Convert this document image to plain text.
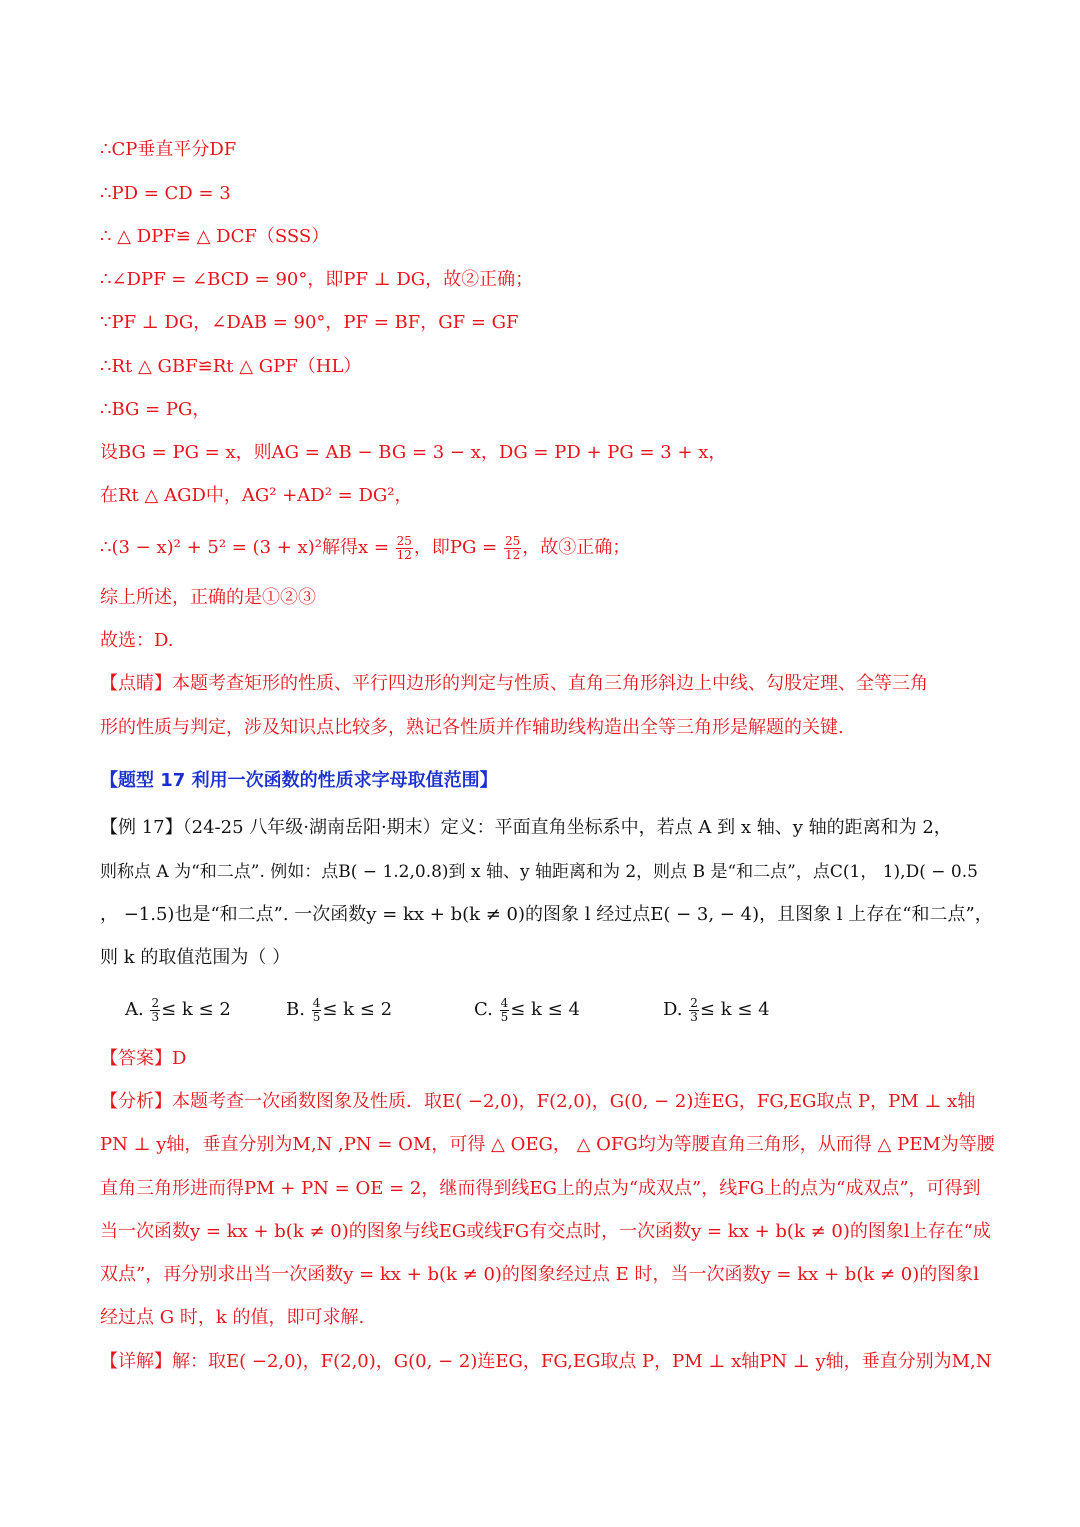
∴CP垂直平分DF
∴PD = CD = 3
∴ △ DPF≌ △ DCF（SSS）
∴∠DPF = ∠BCD = 90°，即PF ⊥ DG，故②正确；
∵PF ⊥ DG，∠DAB = 90°，PF = BF，GF = GF
∴Rt △ GBF≌Rt △ GPF（HL）
∴BG = PG，
设BG = PG = x，则AG = AB − BG = 3 − x，DG = PD + PG = 3 + x，
在Rt △ AGD中，AG² +AD² = DG²，
∴(3 − x)² + 5² = (3 + x)²解得$x = \frac{25}{12}$ ，即PG = $\frac{25}{12}$ ，故③正确；
综上所述，正确的是①②③
故选：D.
【点睛】本题考查矩形的性质、平行四边形的判定与性质、直角三角形斜边上中线、勾股定理、全等三角
形的性质与判定，涉及知识点比较多，熟记各性质并作辅助线构造出全等三角形是解题的关键.
【题型 17 利用一次函数的性质求字母取值范围】
【例 17】（24-25 八年级·湖南岳阳·期末）定义：平面直角坐标系中，若点 A 到 x 轴、y 轴的距离和为 2，
则称点 A 为“和二点”. 例如：点B( − 1.2,0.8)到 x 轴、y 轴距离和为 2，则点 B 是“和二点”，点C(1， 1),D( − 0.5
， −1.5)也是“和二点”. 一次函数y = kx + b(k ≠ 0)的图象 l 经过点E( − 3, − 4)，且图象 l 上存在“和二点”，
则 k 的取值范围为（ ）
A. $\frac{2}{3} \le k \le 2$	B. $\frac{4}{5} \le k \le 2$	C. $\frac{4}{5} \le k \le 4$	D. $\frac{2}{3} \le k \le 4$
【答案】D
【分析】本题考查一次函数图象及性质．取E( −2,0)，F(2,0)，G(0, − 2)连EG，FG,EG取点 P，PM ⊥ x轴
PN ⊥ y轴，垂直分别为M,N ,PN = OM，可得 △ OEG， △ OFG均为等腰直角三角形，从而得 △ PEM为等腰
直角三角形进而得PM + PN = OE = 2，继而得到线EG上的点为“成双点”，线FG上的点为“成双点”，可得到
当一次函数y = kx + b(k ≠ 0)的图象与线EG或线FG有交点时，一次函数y = kx + b(k ≠ 0)的图象l上存在“成
双点”，再分别求出当一次函数y = kx + b(k ≠ 0)的图象经过点 E 时，当一次函数y = kx + b(k ≠ 0)的图象l
经过点 G 时，k 的值，即可求解.
【详解】解：取E( −2,0)，F(2,0)，G(0, − 2)连EG，FG,EG取点 P，PM ⊥ x轴PN ⊥ y轴，垂直分别为M,N
